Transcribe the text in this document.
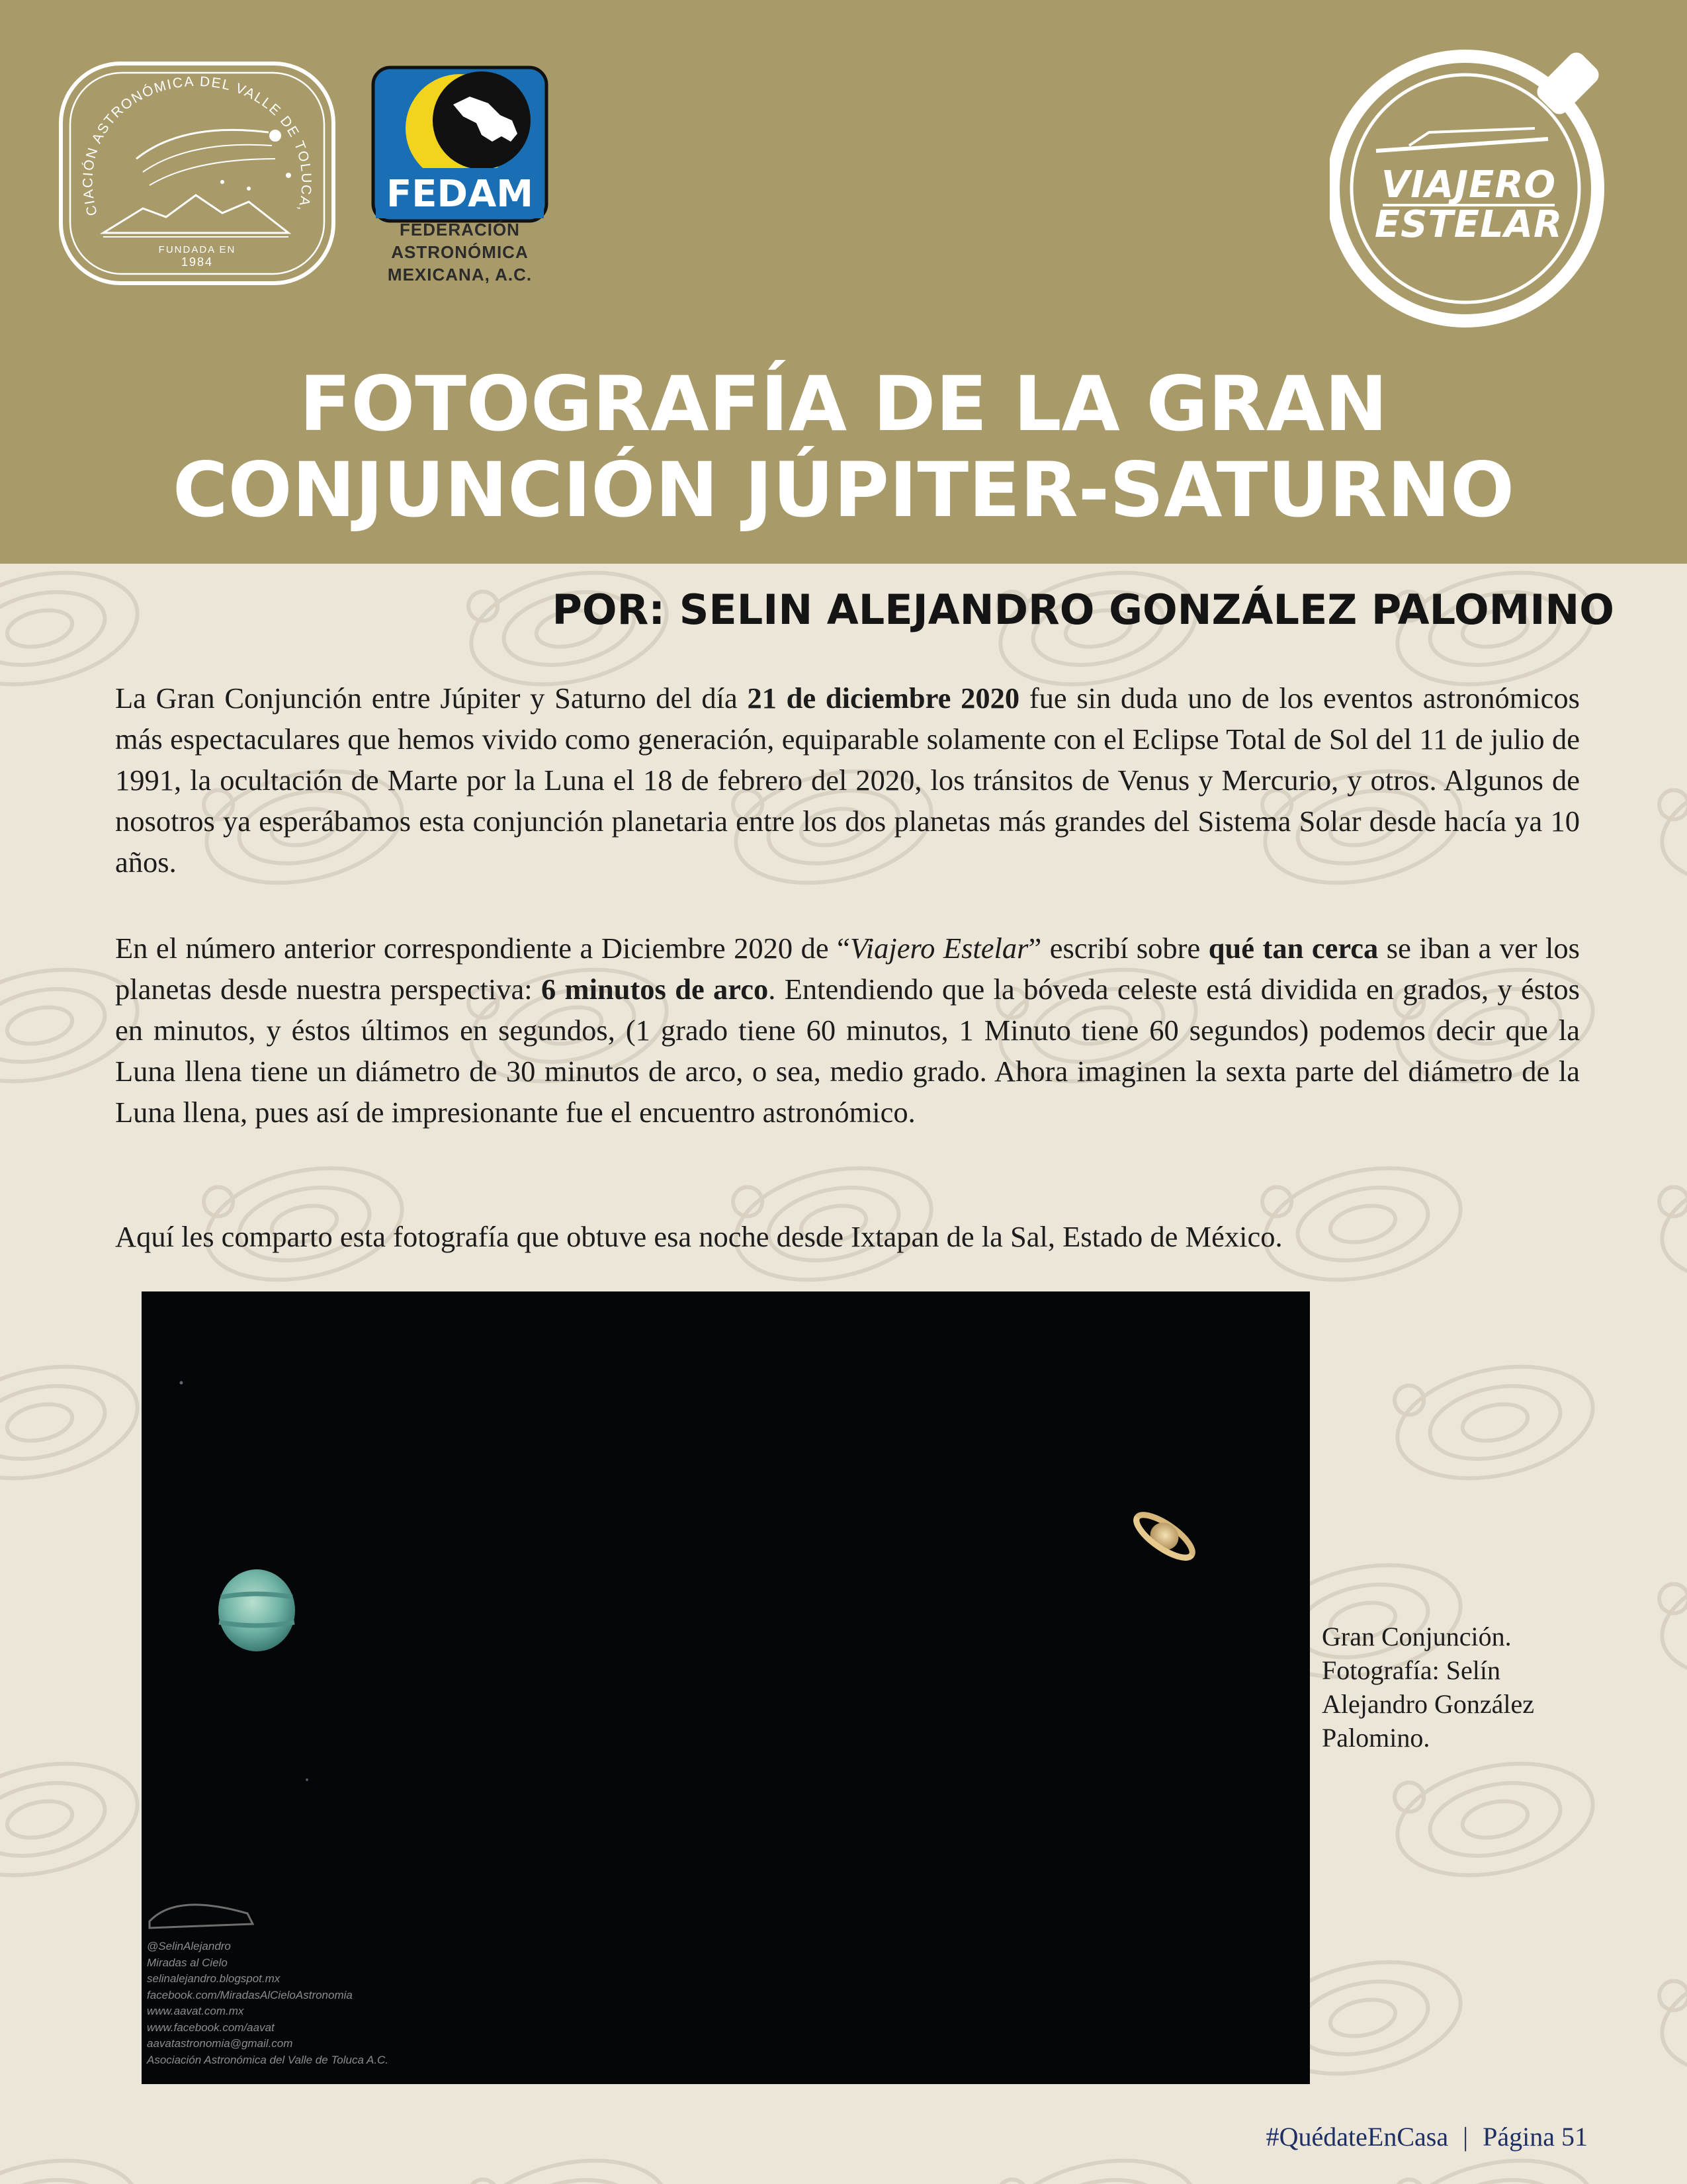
CIACIÓN ASTRONÓMICA DEL VALLE DE TOLUCA,
FUNDADA EN
1984
FEDAM
FEDERACIÓN
ASTRONÓMICA
MEXICANA, A.C.
VIAJERO
ESTELAR
FOTOGRAFÍA DE LA GRAN
CONJUNCIÓN JÚPITER-SATURNO
POR: SELIN ALEJANDRO GONZÁLEZ PALOMINO

La Gran Conjunción entre Júpiter y Saturno del día 21 de diciembre 2020 fue sin duda uno de los eventos astronómicos más espectaculares que hemos vivido como generación, equiparable solamente con el Eclipse Total de Sol del 11 de julio de 1991, la ocultación de Marte por la Luna el 18 de febrero del 2020, los tránsitos de Venus y Mercurio, y otros. Algunos de nosotros ya esperábamos esta conjunción planetaria entre los dos planetas más grandes del Sistema Solar desde hacía ya 10 años.

En el número anterior correspondiente a Diciembre 2020 de “Viajero Estelar” escribí sobre qué tan cerca se iban a ver los planetas desde nuestra perspectiva: 6 minutos de arco. Entendiendo que la bóveda celeste está dividida en grados, y éstos en minutos, y éstos últimos en segundos, (1 grado tiene 60 minutos, 1 Minuto tiene 60 segundos) podemos decir que la Luna llena tiene un diámetro de 30 minutos de arco, o sea, medio grado. Ahora imaginen la sexta parte del diámetro de la Luna llena, pues así de impresionante fue el encuentro astronómico.

Aquí les comparto esta fotografía que obtuve esa noche desde Ixtapan de la Sal, Estado de México.

@SelinAlejandro
Miradas al Cielo
selinalejandro.blogspot.mx
facebook.com/MiradasAlCieloAstronomia
www.aavat.com.mx
www.facebook.com/aavat
aavatastronomia@gmail.com
Asociación Astronómica del Valle de Toluca A.C.
Gran Conjunción.
Fotografía: Selín
Alejandro González
Palomino.
#QuédateEnCasa | Página 51
